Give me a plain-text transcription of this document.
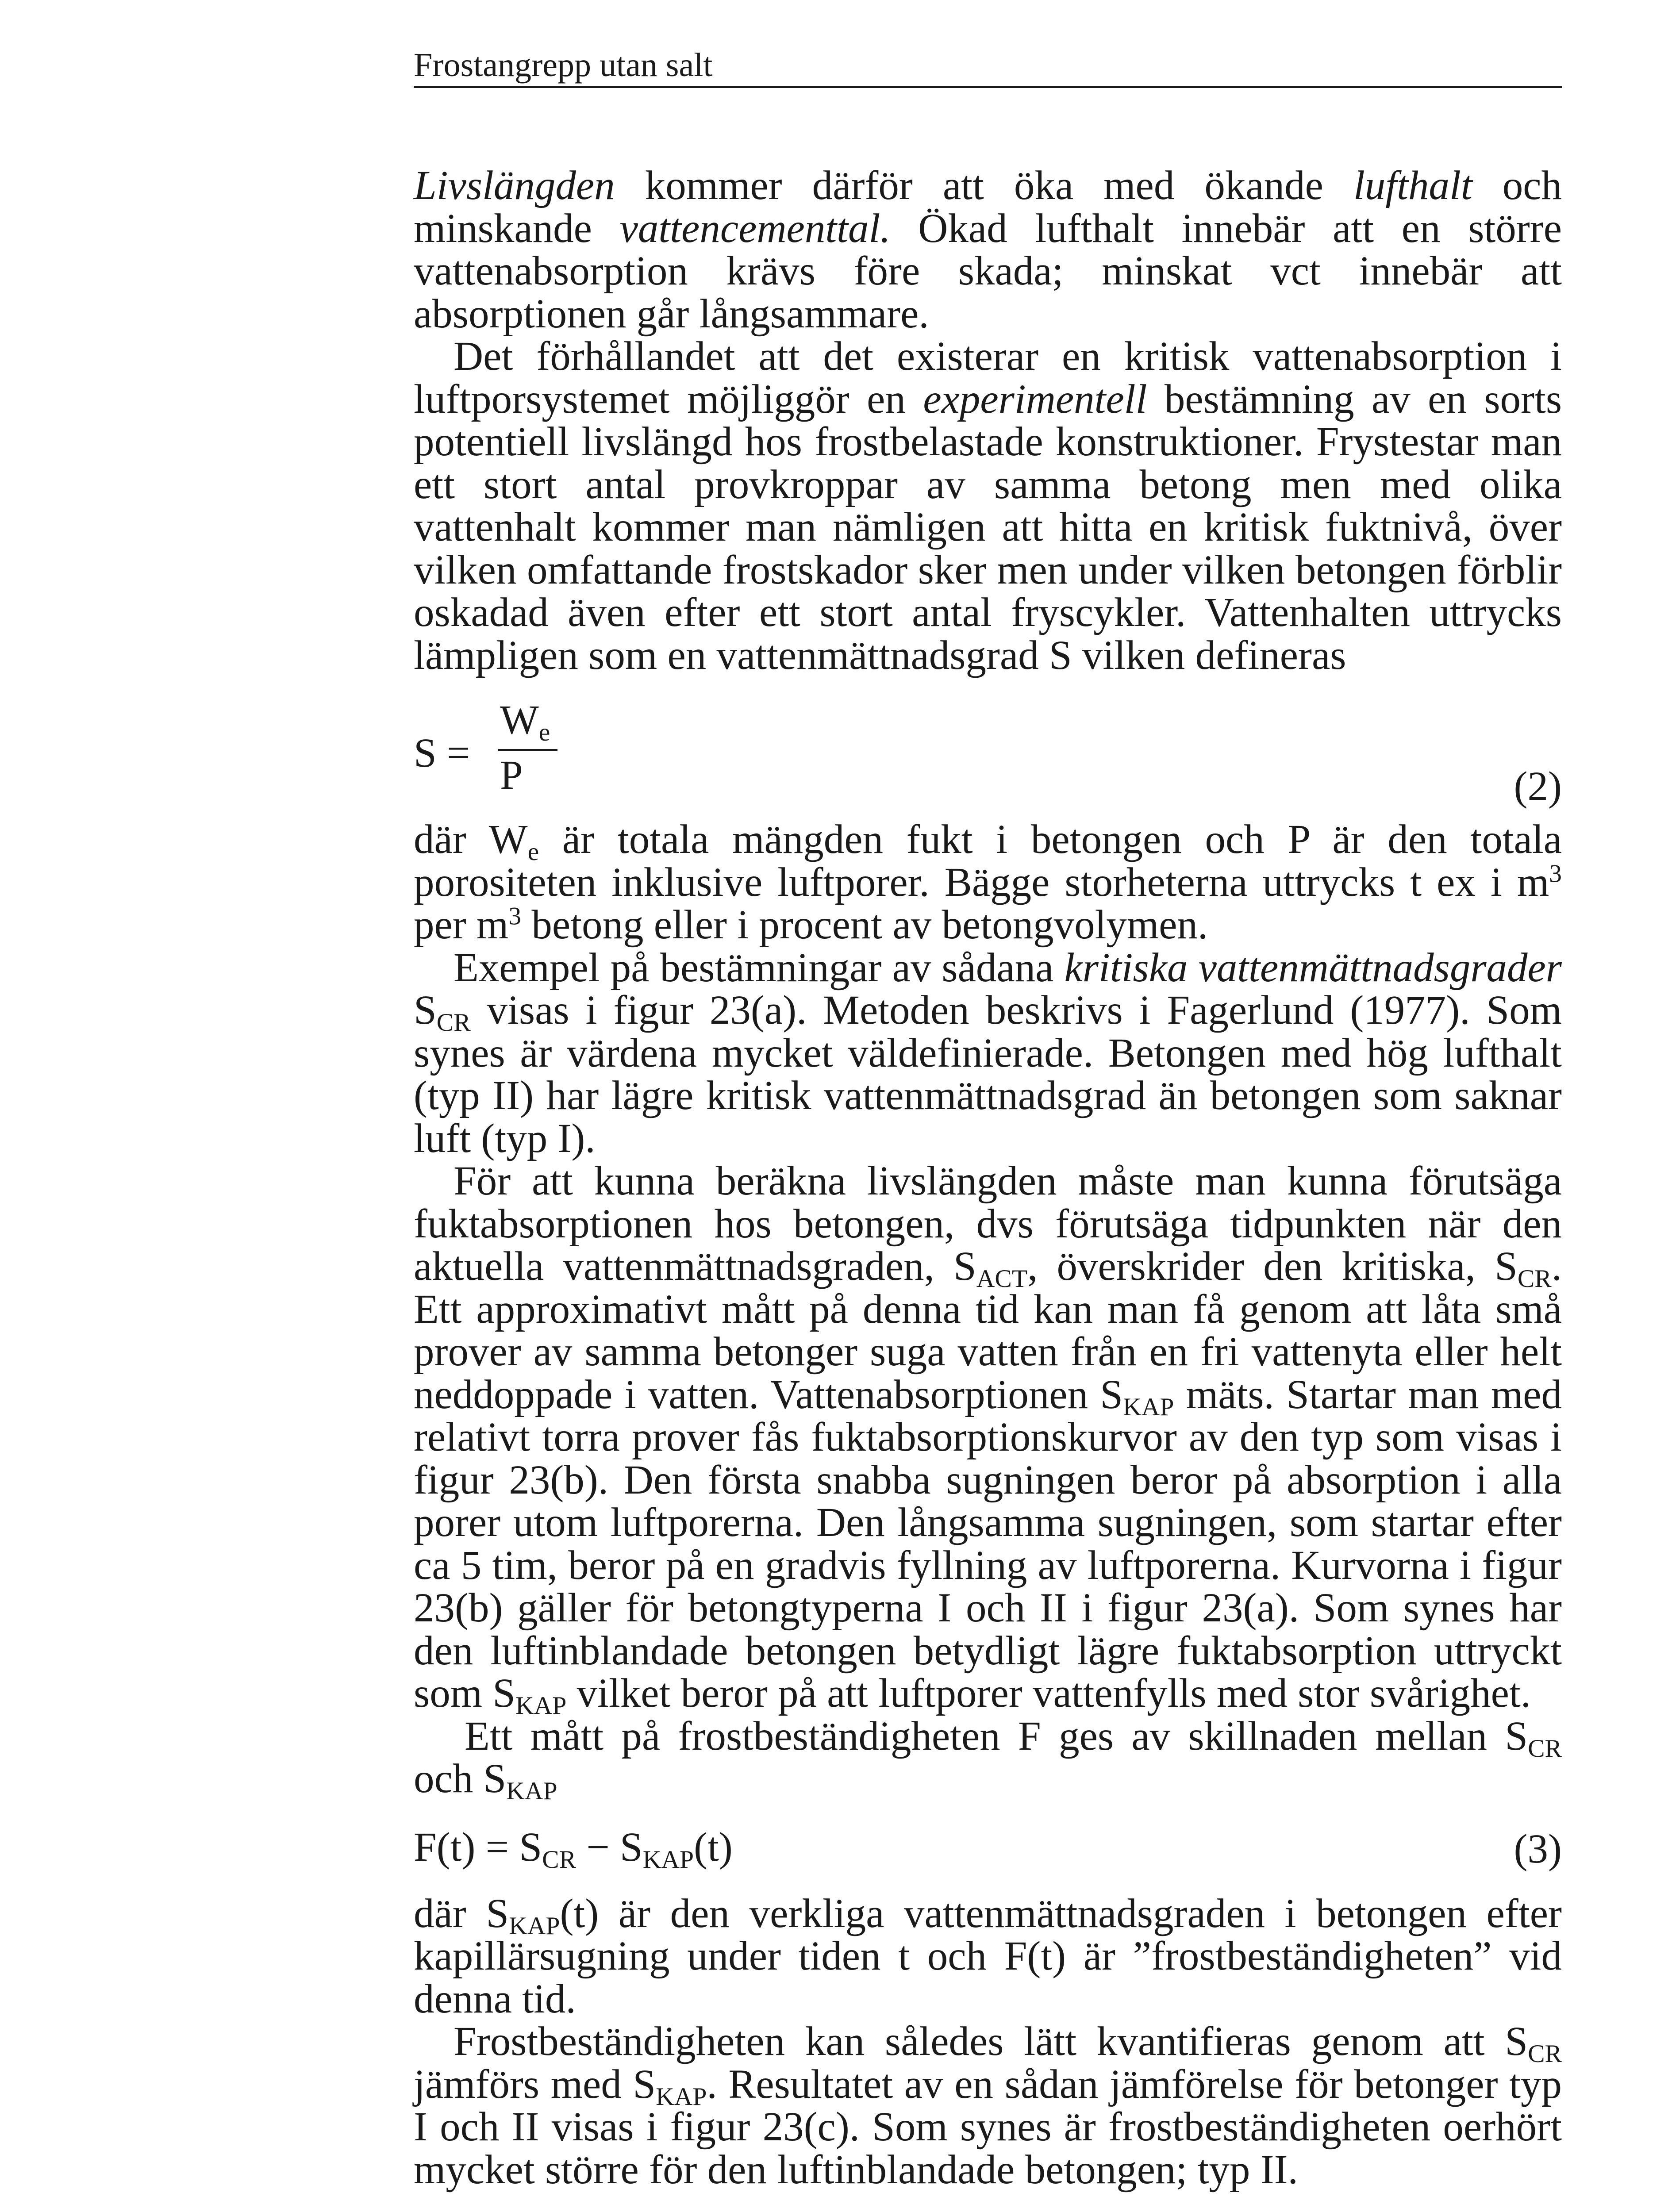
Frostangrepp utan salt

Livslängden kommer därför att öka med ökande lufthalt och minskande vattencementtal. Ökad lufthalt innebär att en större vattenabsorption krävs före skada; minskat vct innebär att absorptionen går långsammare.

Det förhållandet att det existerar en kritisk vattenabsorption i luftporsystemet möjliggör en experimentell bestämning av en sorts potentiell livslängd hos frostbelastade konstruktioner. Frystestar man ett stort antal provkroppar av samma betong men med olika vattenhalt kommer man nämligen att hitta en kritisk fuktnivå, över vilken omfattande frostskador sker men under vilken betongen förblir oskadad även efter ett stort antal fryscykler. Vattenhalten uttrycks lämpligen som en vattenmättnadsgrad S vilken defineras

S =
$W_e$
P	(2)

där $W_e$ är totala mängden fukt i betongen och P är den totala porositeten inklusive luftporer. Bägge storheterna uttrycks t ex i $m^3$ per $m^3$ betong eller i procent av betongvolymen.

Exempel på bestämningar av sådana kritiska vattenmättnadsgrader $S_{CR}$ visas i figur 23(a). Metoden beskrivs i Fagerlund (1977). Som synes är värdena mycket väldefinierade. Betongen med hög lufthalt (typ II) har lägre kritisk vattenmättnadsgrad än betongen som saknar luft (typ I).

För att kunna beräkna livslängden måste man kunna förutsäga fuktabsorptionen hos betongen, dvs förutsäga tidpunkten när den aktuella vattenmättnadsgraden, $S_{ACT}$, överskrider den kritiska, $S_{CR}$. Ett approximativt mått på denna tid kan man få genom att låta små prover av samma betonger suga vatten från en fri vattenyta eller helt neddoppade i vatten. Vattenabsorptionen $S_{KAP}$ mäts. Startar man med relativt torra prover fås fuktabsorptionskurvor av den typ som visas i figur 23(b). Den första snabba sugningen beror på absorption i alla porer utom luftporerna. Den långsamma sugningen, som startar efter ca 5 tim, beror på en gradvis fyllning av luftporerna. Kurvorna i figur 23(b) gäller för betongtyperna I och II i figur 23(a). Som synes har den luftinblandade betongen betydligt lägre fuktabsorption uttryckt som $S_{KAP}$ vilket beror på att luftporer vattenfylls med stor svårighet.

Ett mått på frostbeständigheten F ges av skillnaden mellan $S_{CR}$ och $S_{KAP}$

$F(t) = S_{CR} - S_{KAP}(t)$	(3)

där $S_{KAP}(t)$ är den verkliga vattenmättnadsgraden i betongen efter kapillärsugning under tiden t och F(t) är ”frostbeständigheten” vid denna tid.

Frostbeständigheten kan således lätt kvantifieras genom att $S_{CR}$ jämförs med $S_{KAP}$. Resultatet av en sådan jämförelse för betonger typ I och II visas i figur 23(c). Som synes är frostbeständigheten oerhört mycket större för den luftinblandade betongen; typ II.
